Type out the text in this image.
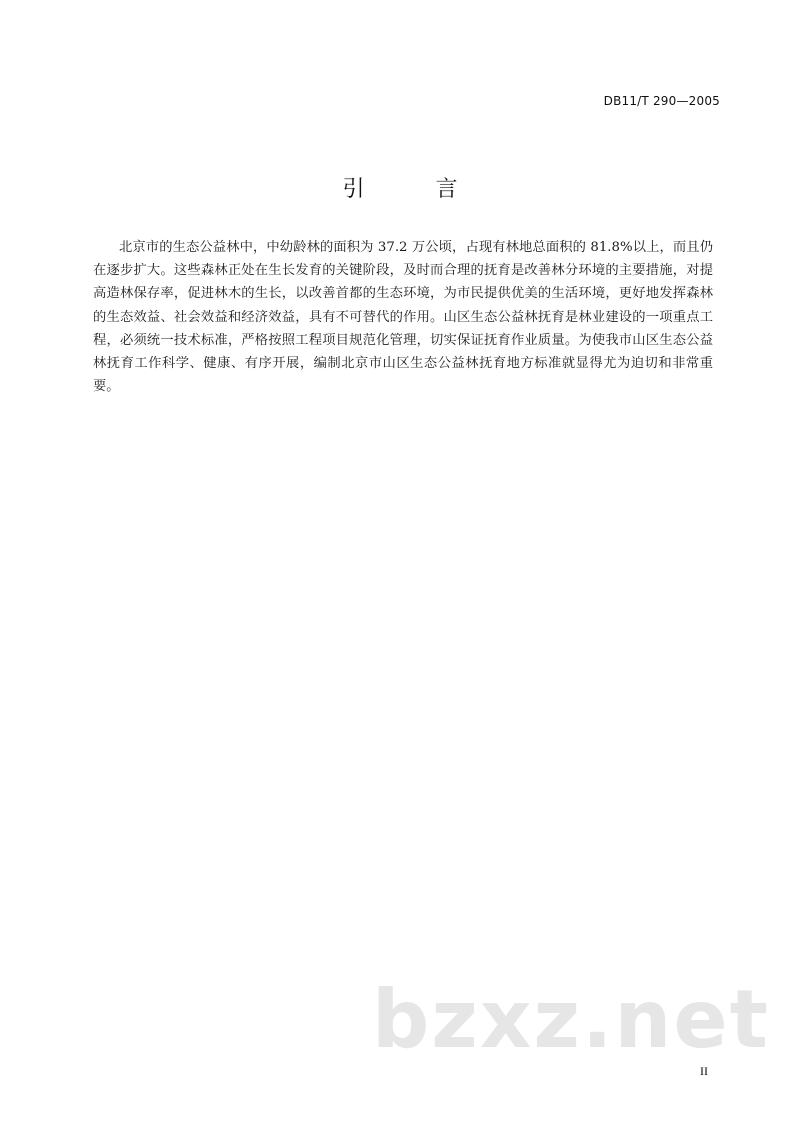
DB11/T 290—2005
引 言

北京市的生态公益林中，中幼龄林的面积为 37.2 万公顷，占现有林地总面积的 81.8%以上，而且仍在逐步扩大。这些森林正处在生长发育的关键阶段，及时而合理的抚育是改善林分环境的主要措施，对提高造林保存率，促进林木的生长，以改善首都的生态环境，为市民提供优美的生活环境，更好地发挥森林的生态效益、社会效益和经济效益，具有不可替代的作用。山区生态公益林抚育是林业建设的一项重点工程，必须统一技术标准，严格按照工程项目规范化管理，切实保证抚育作业质量。为使我市山区生态公益林抚育工作科学、健康、有序开展，编制北京市山区生态公益林抚育地方标准就显得尤为迫切和非常重要。

bzxz.net
II
